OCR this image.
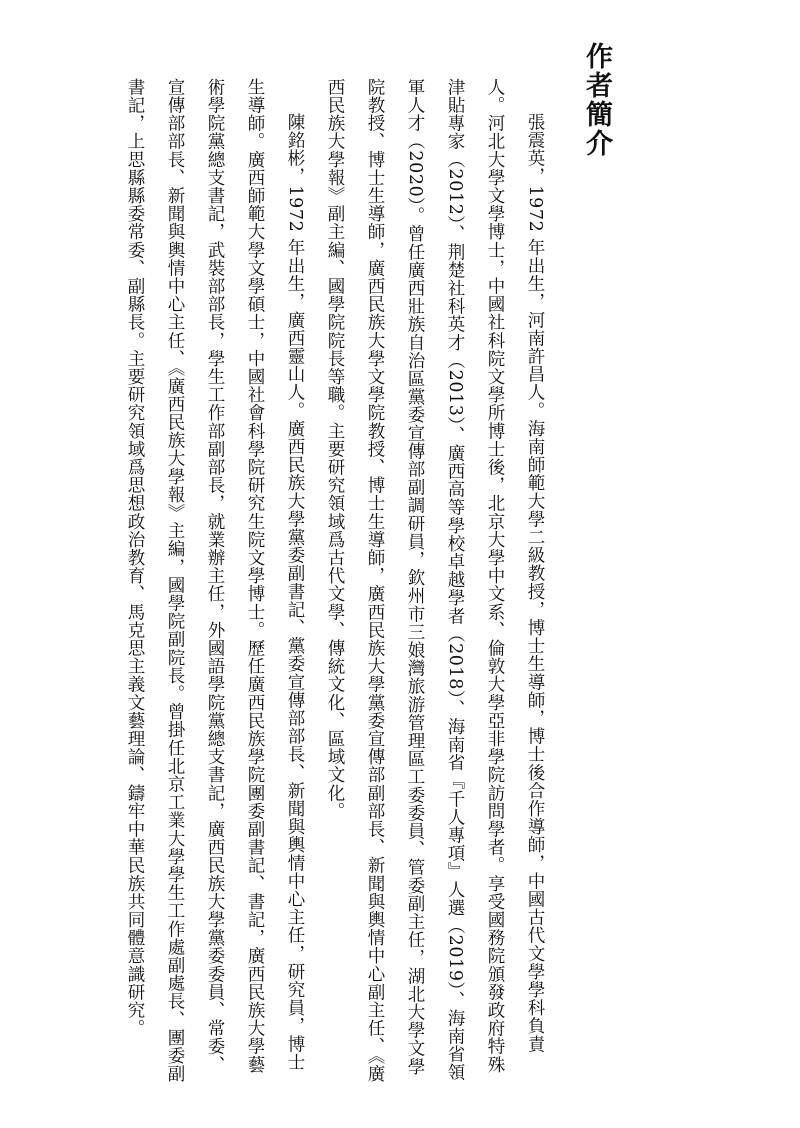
作者簡介

張震英，1972 年出生，河南許昌人。海南師範大學二級教授，博士生導師，博士後合作導師，中國古代文學學科負責人。河北大學文學博士，中國社科院文學所博士後，北京大學中文系、倫敦大學亞非學院訪問學者。享受國務院頒發政府特殊津貼專家（2012）、荆楚社科英才（2013）、廣西高等學校卓越學者（2018）、海南省『千人專項』人選（2019）、海南省領軍人才（2020）。曾任廣西壯族自治區黨委宣傳部副調研員，欽州市三娘灣旅游管理區工委委員、管委副主任，湖北大學文學院教授、博士生導師，廣西民族大學文學院教授、博士生導師，廣西民族大學黨委宣傳部副部長、新聞與輿情中心副主任、《廣西民族大學報》副主編、國學院院長等職。主要研究領域爲古代文學、傳統文化、區域文化。

陳銘彬，1972 年出生，廣西靈山人。廣西民族大學黨委副書記、黨委宣傳部部長、新聞與輿情中心主任，研究員，博士生導師。廣西師範大學文學碩士，中國社會科學院研究生院文學博士。歷任廣西民族學院團委副書記、書記，廣西民族大學藝術學院黨總支書記，武裝部部長，學生工作部副部長，就業辦主任，外國語學院黨總支書記，廣西民族大學黨委委員、常委、宣傳部部長、新聞與輿情中心主任、《廣西民族大學報》主編，國學院副院長。曾掛任北京工業大學學生工作處副處長、團委副書記，上思縣縣委常委、副縣長。主要研究領域爲思想政治教育、馬克思主義文藝理論、鑄牢中華民族共同體意識研究。
